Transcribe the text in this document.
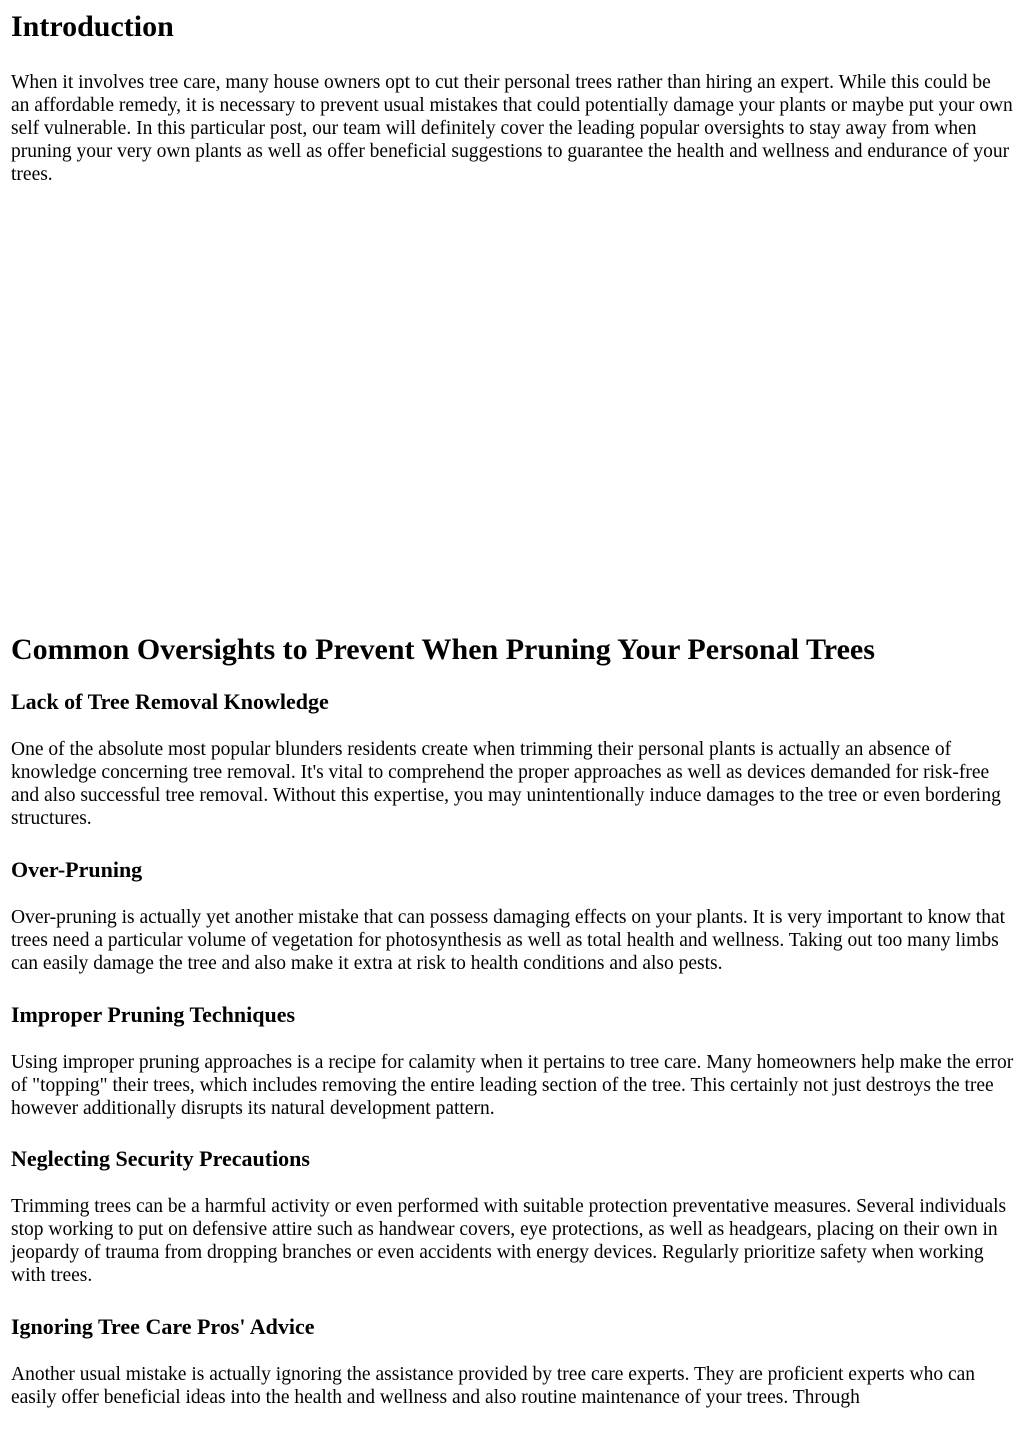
Introduction

When it involves tree care, many house owners opt to cut their personal trees rather than hiring an expert. While this could be an affordable remedy, it is necessary to prevent usual mistakes that could potentially damage your plants or maybe put your own self vulnerable. In this particular post, our team will definitely cover the leading popular oversights to stay away from when pruning your very own plants as well as offer beneficial suggestions to guarantee the health and wellness and endurance of your trees.

Common Oversights to Prevent When Pruning Your Personal Trees
Lack of Tree Removal Knowledge

One of the absolute most popular blunders residents create when trimming their personal plants is actually an absence of knowledge concerning tree removal. It's vital to comprehend the proper approaches as well as devices demanded for risk-free and also successful tree removal. Without this expertise, you may unintentionally induce damages to the tree or even bordering structures.

Over-Pruning

Over-pruning is actually yet another mistake that can possess damaging effects on your plants. It is very important to know that trees need a particular volume of vegetation for photosynthesis as well as total health and wellness. Taking out too many limbs can easily damage the tree and also make it extra at risk to health conditions and also pests.

Improper Pruning Techniques

Using improper pruning approaches is a recipe for calamity when it pertains to tree care. Many homeowners help make the error of "topping" their trees, which includes removing the entire leading section of the tree. This certainly not just destroys the tree however additionally disrupts its natural development pattern.

Neglecting Security Precautions

Trimming trees can be a harmful activity or even performed with suitable protection preventative measures. Several individuals stop working to put on defensive attire such as handwear covers, eye protections, as well as headgears, placing on their own in jeopardy of trauma from dropping branches or even accidents with energy devices. Regularly prioritize safety when working with trees.

Ignoring Tree Care Pros' Advice

Another usual mistake is actually ignoring the assistance provided by tree care experts. They are proficient experts who can easily offer beneficial ideas into the health and wellness and also routine maintenance of your trees. Through
